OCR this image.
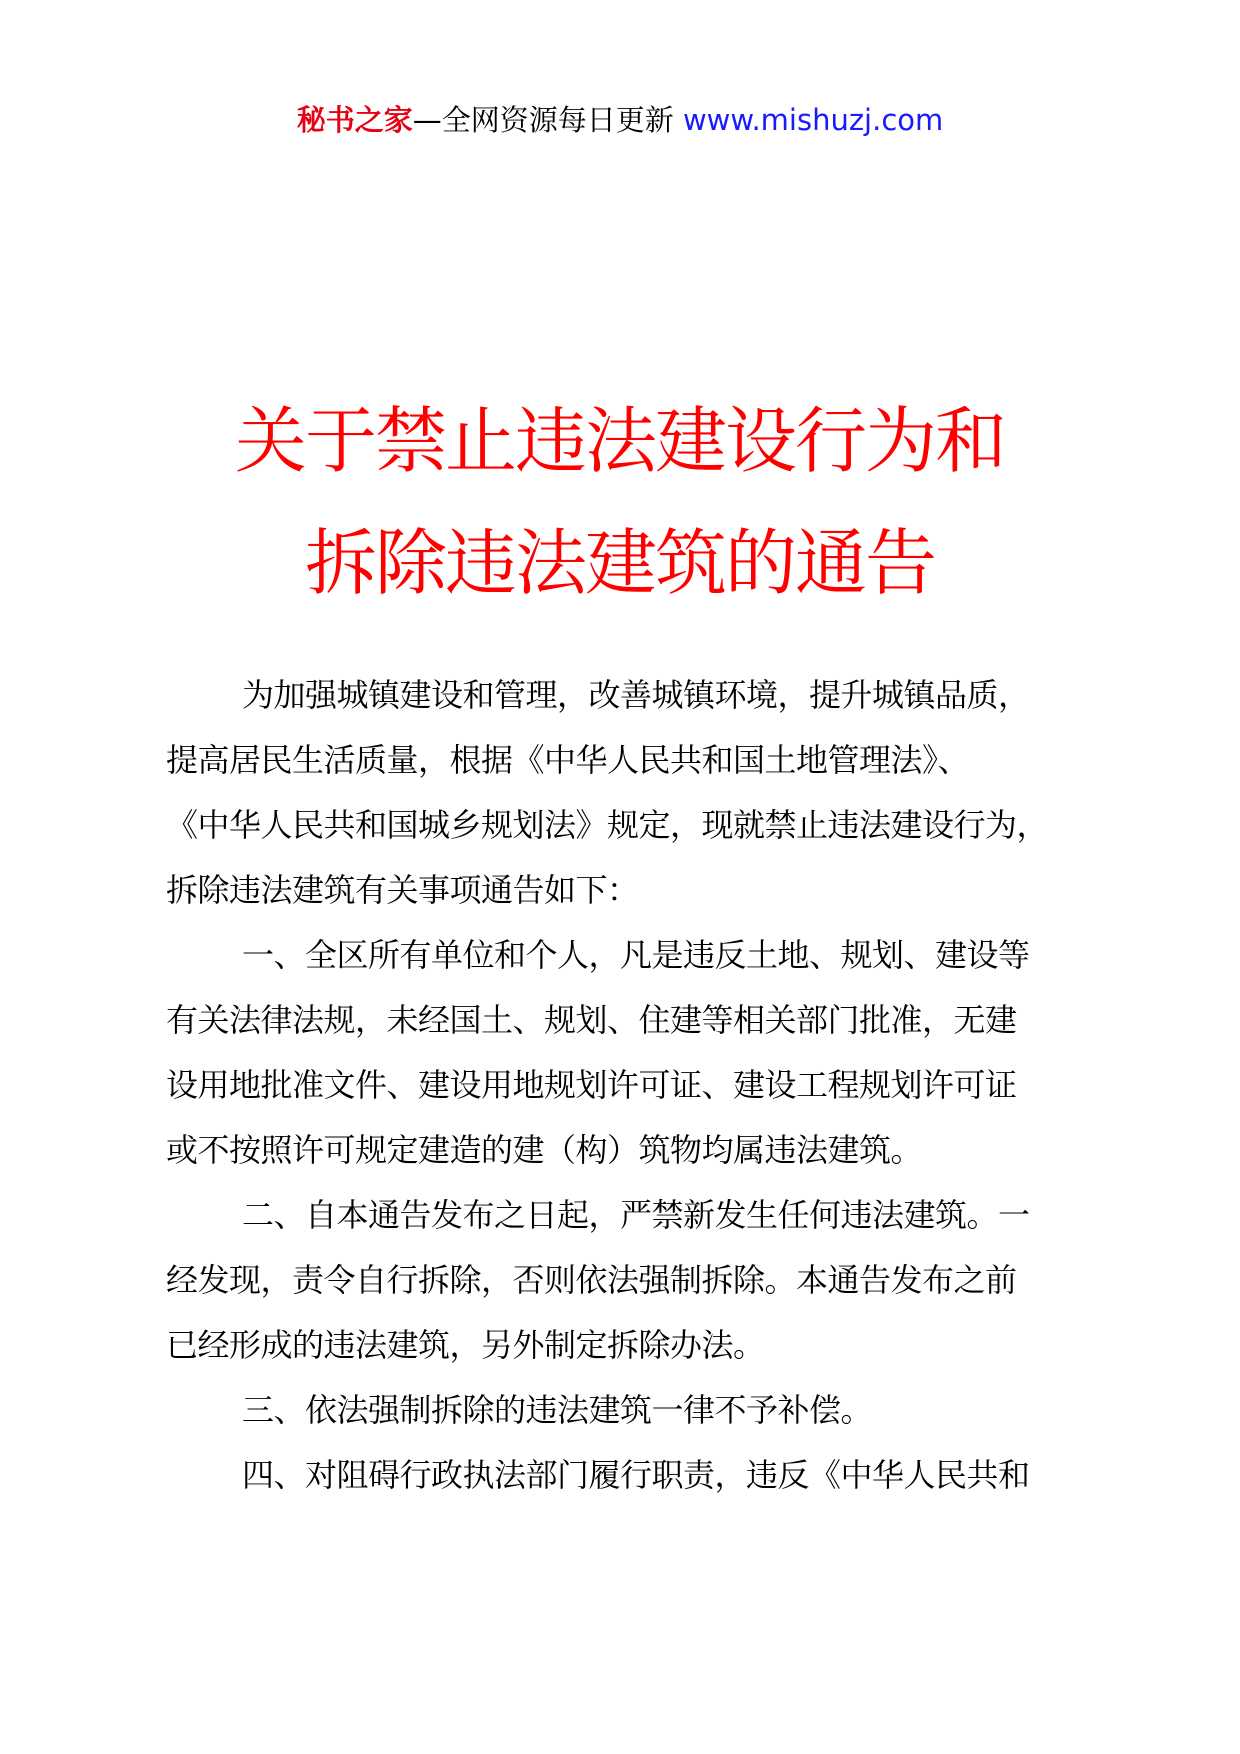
秘书之家—全网资源每日更新 www.mishuzj.com
关于禁止违法建设行为和
拆除违法建筑的通告
为加强城镇建设和管理，改善城镇环境，提升城镇品质，
提高居民生活质量，根据《中华人民共和国土地管理法》、
《中华人民共和国城乡规划法》规定，现就禁止违法建设行为，
拆除违法建筑有关事项通告如下：
一、全区所有单位和个人，凡是违反土地、规划、建设等
有关法律法规，未经国土、规划、住建等相关部门批准，无建
设用地批准文件、建设用地规划许可证、建设工程规划许可证
或不按照许可规定建造的建（构）筑物均属违法建筑。
二、自本通告发布之日起，严禁新发生任何违法建筑。一
经发现，责令自行拆除，否则依法强制拆除。本通告发布之前
已经形成的违法建筑，另外制定拆除办法。
三、依法强制拆除的违法建筑一律不予补偿。
四、对阻碍行政执法部门履行职责，违反《中华人民共和
